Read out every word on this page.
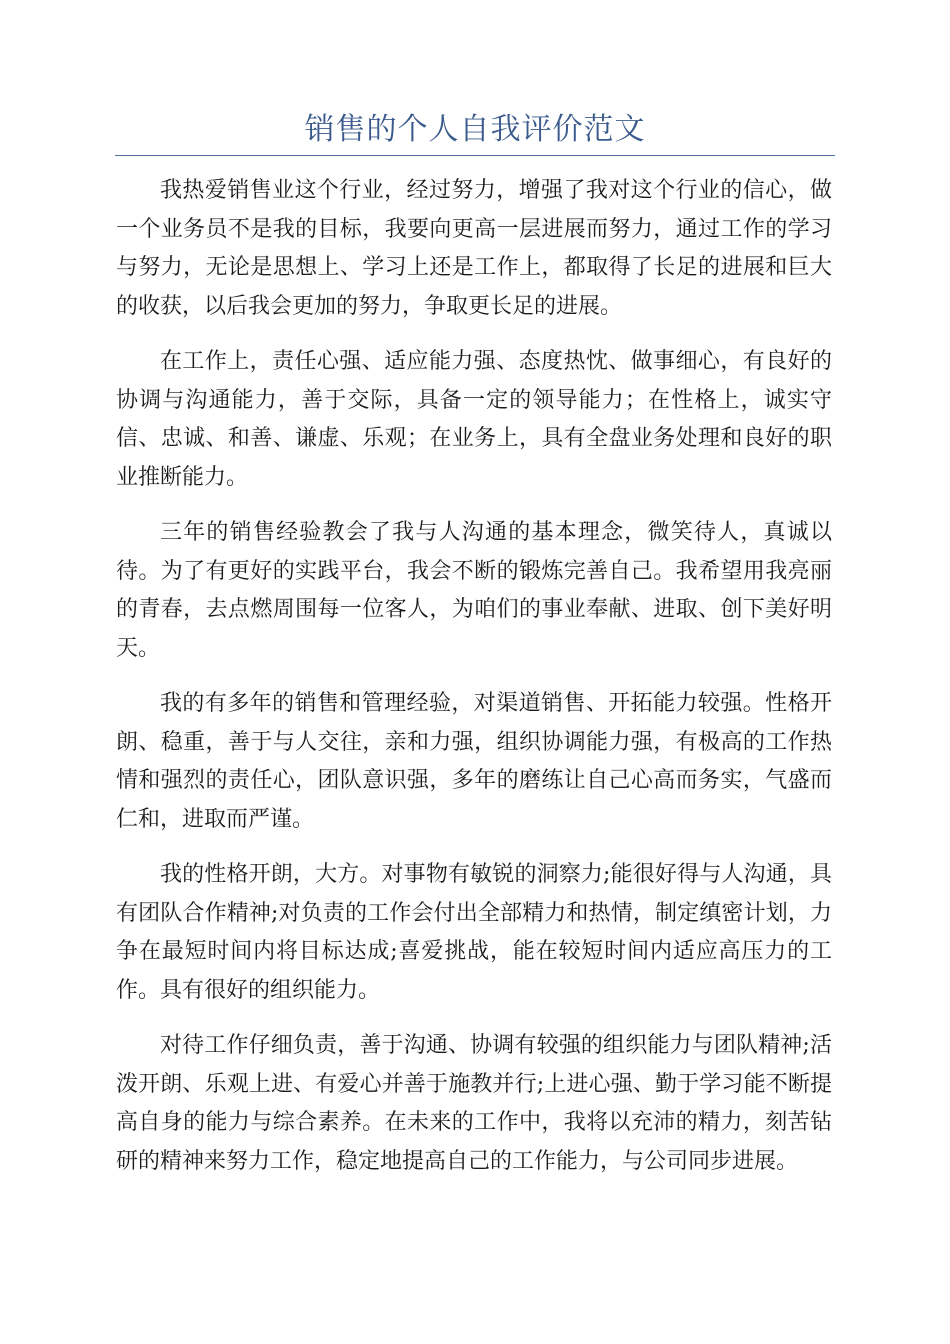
销售的个人自我评价范文

我热爱销售业这个行业，经过努力，增强了我对这个行业的信心，做一个业务员不是我的目标，我要向更高一层进展而努力，通过工作的学习与努力，无论是思想上、学习上还是工作上，都取得了长足的进展和巨大的收获，以后我会更加的努力，争取更长足的进展。

在工作上，责任心强、适应能力强、态度热忱、做事细心，有良好的协调与沟通能力，善于交际，具备一定的领导能力；在性格上，诚实守信、忠诚、和善、谦虚、乐观；在业务上，具有全盘业务处理和良好的职业推断能力。

三年的销售经验教会了我与人沟通的基本理念，微笑待人，真诚以待。为了有更好的实践平台，我会不断的锻炼完善自己。我希望用我亮丽的青春，去点燃周围每一位客人，为咱们的事业奉献、进取、创下美好明天。

我的有多年的销售和管理经验，对渠道销售、开拓能力较强。性格开朗、稳重，善于与人交往，亲和力强，组织协调能力强，有极高的工作热情和强烈的责任心，团队意识强，多年的磨练让自己心高而务实，气盛而仁和，进取而严谨。

我的性格开朗，大方。对事物有敏锐的洞察力;能很好得与人沟通，具有团队合作精神;对负责的工作会付出全部精力和热情，制定缜密计划，力争在最短时间内将目标达成;喜爱挑战，能在较短时间内适应高压力的工作。具有很好的组织能力。

对待工作仔细负责，善于沟通、协调有较强的组织能力与团队精神;活泼开朗、乐观上进、有爱心并善于施教并行;上进心强、勤于学习能不断提高自身的能力与综合素养。在未来的工作中，我将以充沛的精力，刻苦钻研的精神来努力工作，稳定地提高自己的工作能力，与公司同步进展。
